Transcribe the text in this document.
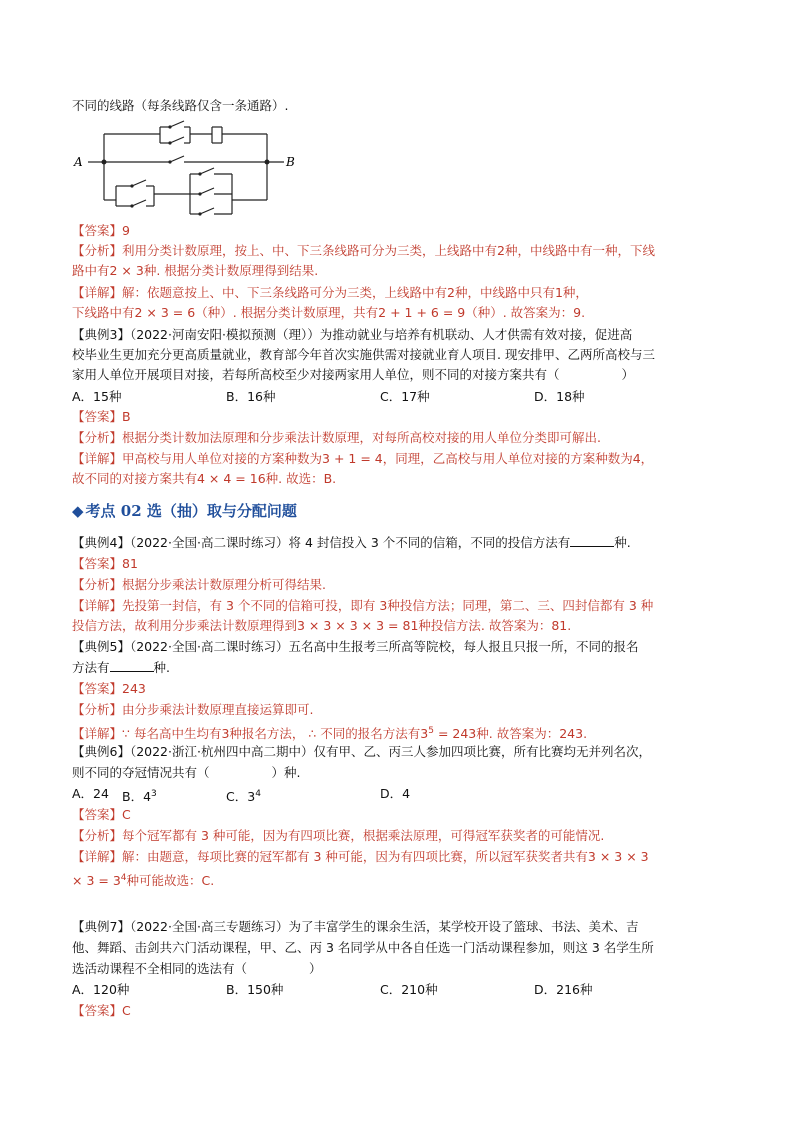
不同的线路（每条线路仅含一条通路）.
A	B
【答案】9
【分析】利用分类计数原理，按上、中、下三条线路可分为三类，上线路中有2种，中线路中有一种，下线
路中有2 × 3种. 根据分类计数原理得到结果.
【详解】解：依题意按上、中、下三条线路可分为三类，上线路中有2种，中线路中只有1种，
下线路中有2 × 3 = 6（种）. 根据分类计数原理，共有2 + 1 + 6 = 9（种）. 故答案为：9.
【典例3】（2022·河南安阳·模拟预测（理））为推动就业与培养有机联动、人才供需有效对接，促进高
校毕业生更加充分更高质量就业，教育部今年首次实施供需对接就业育人项目. 现安排甲、乙两所高校与三
家用人单位开展项目对接，若每所高校至少对接两家用人单位，则不同的对接方案共有（	）
A．15种	B．16种	C．17种	D．18种
【答案】B
【分析】根据分类计数加法原理和分步乘法计数原理，对每所高校对接的用人单位分类即可解出.
【详解】甲高校与用人单位对接的方案种数为3 + 1 = 4，同理，乙高校与用人单位对接的方案种数为4，
故不同的对接方案共有4 × 4 = 16种. 故选：B.
◆ 考点 02 选（抽）取与分配问题
【典例4】（2022·全国·高二课时练习）将 4 封信投入 3 个不同的信箱，不同的投信方法有	种.
【答案】81
【分析】根据分步乘法计数原理分析可得结果.
【详解】先投第一封信，有 3 个不同的信箱可投，即有 3种投信方法；同理，第二、三、四封信都有 3 种
投信方法，故利用分步乘法计数原理得到3 × 3 × 3 × 3 = 81种投信方法. 故答案为：81.
【典例5】（2022·全国·高二课时练习）五名高中生报考三所高等院校，每人报且只报一所，不同的报名
方法有	种.
【答案】243
【分析】由分步乘法计数原理直接运算即可.
【详解】∵ 每名高中生均有3种报名方法， ∴ 不同的报名方法有$3^5 = 243$种. 故答案为：243.
【典例6】（2022·浙江·杭州四中高二期中）仅有甲、乙、丙三人参加四项比赛，所有比赛均无并列名次，
则不同的夺冠情况共有（	）种.
A．24 B．$4^3$	C．$3^4$	D．4
【答案】C
【分析】每个冠军都有 3 种可能，因为有四项比赛，根据乘法原理，可得冠军获奖者的可能情况.
【详解】解：由题意，每项比赛的冠军都有 3 种可能，因为有四项比赛，所以冠军获奖者共有3 × 3 × 3
× $3 = 3^4$种可能故选：C.
【典例7】（2022·全国·高三专题练习）为了丰富学生的课余生活，某学校开设了篮球、书法、美术、吉
他、舞蹈、击剑共六门活动课程，甲、乙、丙 3 名同学从中各自任选一门活动课程参加，则这 3 名学生所
选活动课程不全相同的选法有（	）
A．120种	B．150种	C．210种	D．216种
【答案】C
